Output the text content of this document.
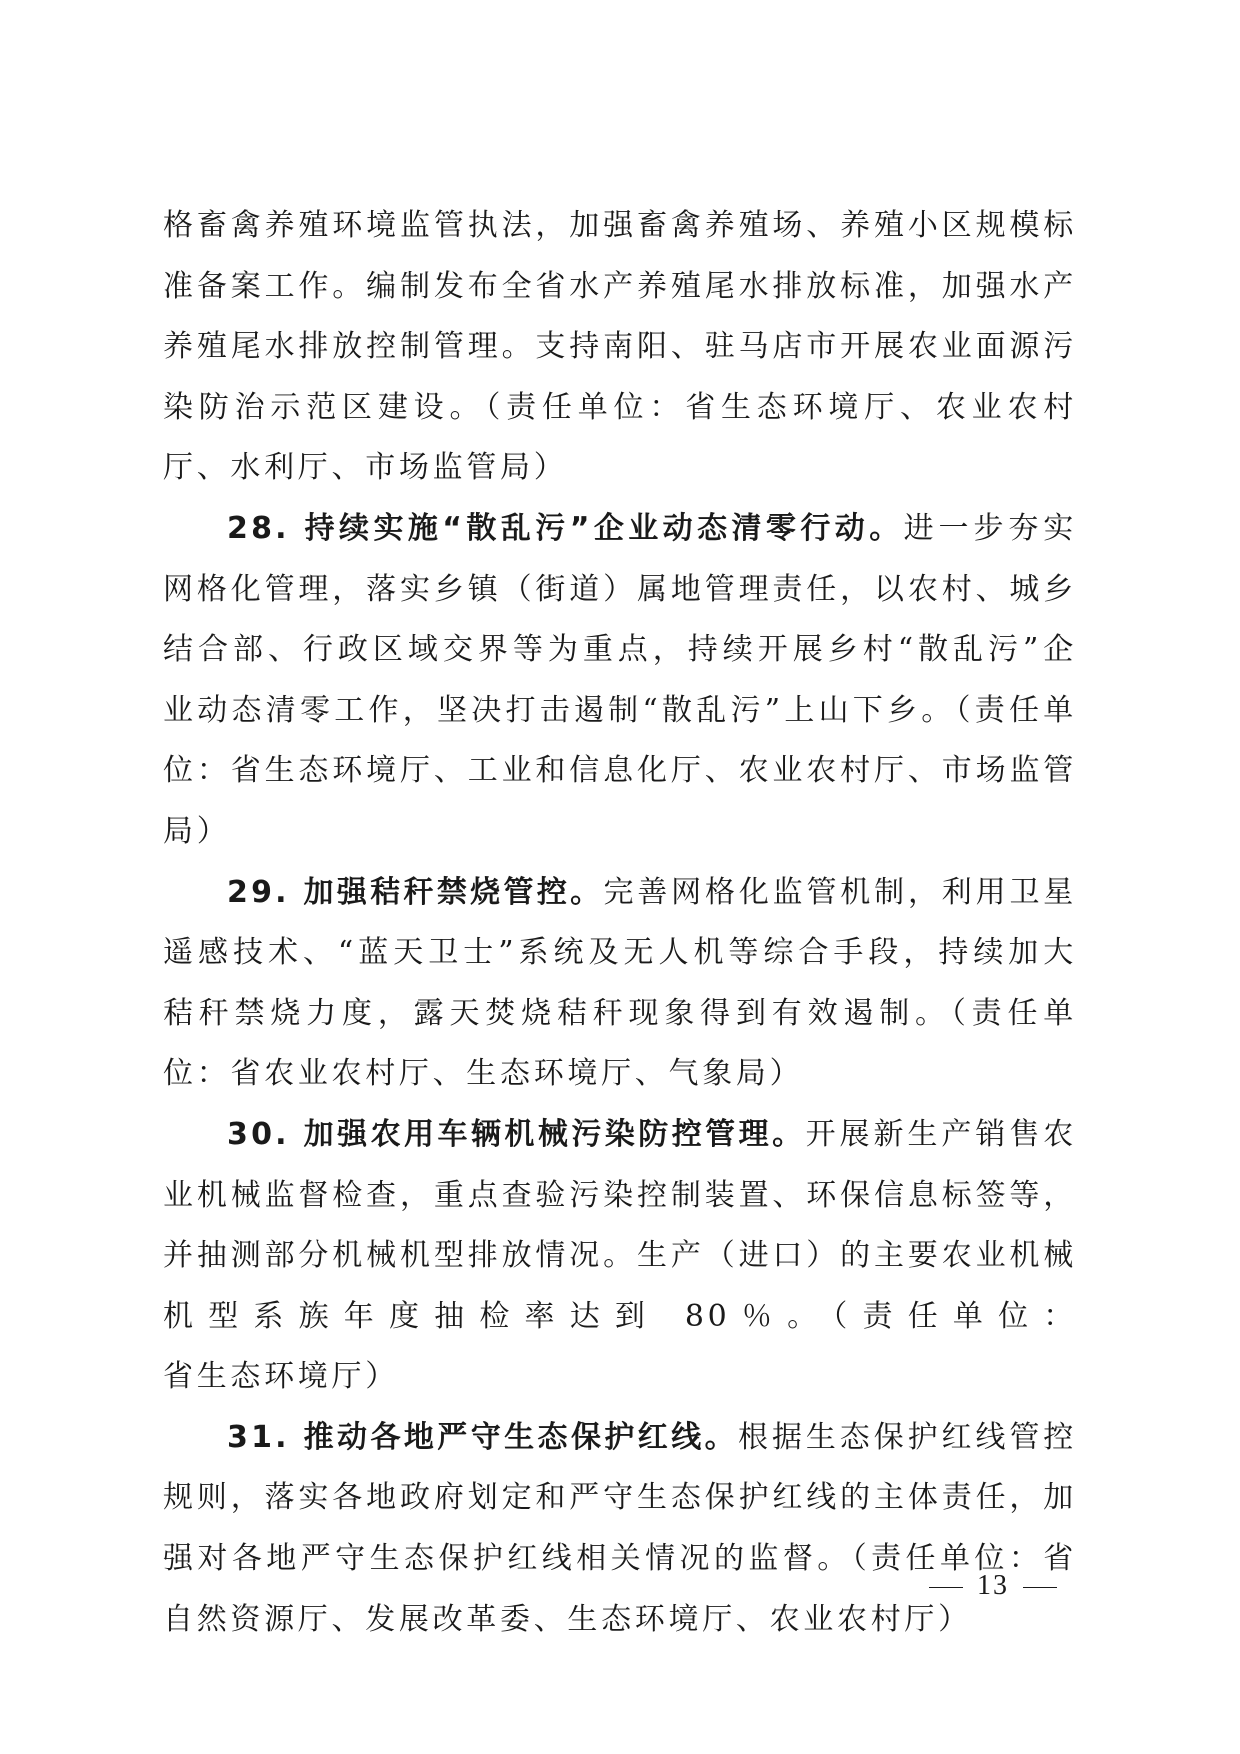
格畜禽养殖环境监管执法，加强畜禽养殖场、养殖小区规模标准备案工作。编制发布全省水产养殖尾水排放标准，加强水产养殖尾水排放控制管理。支持南阳、驻马店市开展农业面源污染防治示范区建设。（责任单位：省生态环境厅、农业农村厅、水利厅、市场监管局）

28. 持续实施“散乱污”企业动态清零行动。进一步夯实网格化管理，落实乡镇（街道）属地管理责任，以农村、城乡结合部、行政区域交界等为重点，持续开展乡村“散乱污”企业动态清零工作，坚决打击遏制“散乱污”上山下乡。（责任单位：省生态环境厅、工业和信息化厅、农业农村厅、市场监管局）

29. 加强秸秆禁烧管控。完善网格化监管机制，利用卫星遥感技术、“蓝天卫士”系统及无人机等综合手段，持续加大秸秆禁烧力度，露天焚烧秸秆现象得到有效遏制。（责任单位：省农业农村厅、生态环境厅、气象局）

30. 加强农用车辆机械污染防控管理。开展新生产销售农业机械监督检查，重点查验污染控制装置、环保信息标签等，并抽测部分机械机型排放情况。生产（进口）的主要农业机械机型系族年度抽检率达到 80％。（责任单位：省生态环境厅）

31. 推动各地严守生态保护红线。根据生态保护红线管控规则，落实各地政府划定和严守生态保护红线的主体责任，加强对各地严守生态保护红线相关情况的监督。（责任单位：省自然资源厅、发展改革委、生态环境厅、农业农村厅）

13
